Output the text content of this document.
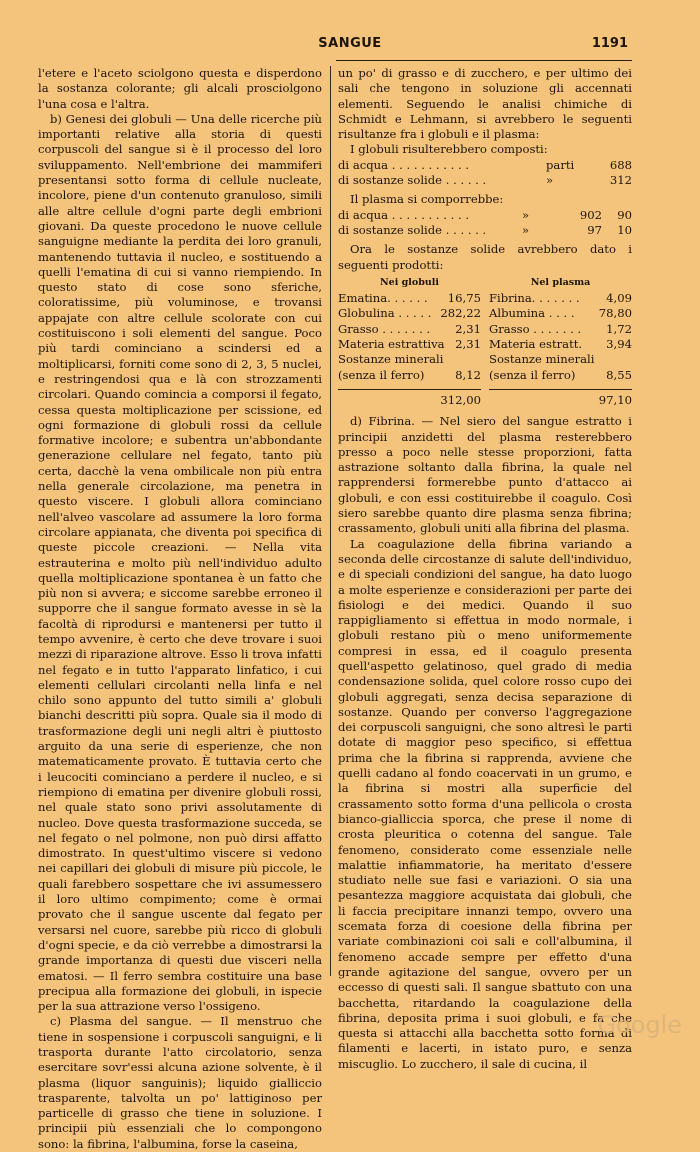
SANGUE	1191

l'etere e l'aceto sciolgono questa e disperdono la sostanza colorante; gli alcali prosciolgono l'una cosa e l'altra.

b) Genesi dei globuli — Una delle ricerche più importanti relative alla storia di questi corpuscoli del sangue si è il processo del loro sviluppamento. Nell'embrione dei mammiferi presentansi sotto forma di cellule nucleate, incolore, piene d'un contenuto granuloso, simili alle altre cellule d'ogni parte degli embrioni giovani. Da queste procedono le nuove cellule sanguigne mediante la perdita dei loro granuli, mantenendo tuttavia il nucleo, e sostituendo a quelli l'ematina di cui si vanno riempiendo. In questo stato di cose sono sferiche, coloratissime, più voluminose, e trovansi appajate con altre cellule scolorate con cui costituiscono i soli elementi del sangue. Poco più tardi cominciano a scindersi ed a moltiplicarsi, forniti come sono di 2, 3, 5 nuclei, e restringendosi qua e là con strozzamenti circolari. Quando comincia a comporsi il fegato, cessa questa moltiplicazione per scissione, ed ogni formazione di globuli rossi da cellule formative incolore; e subentra un'abbondante generazione cellulare nel fegato, tanto più certa, dacchè la vena ombilicale non più entra nella generale circolazione, ma penetra in questo viscere. I globuli allora cominciano nell'alveo vascolare ad assumere la loro forma circolare appianata, che diventa poi specifica di queste piccole creazioni. — Nella vita estrauterina e molto più nell'individuo adulto quella moltiplicazione spontanea è un fatto che più non si avvera; e siccome sarebbe erroneo il supporre che il sangue formato avesse in sè la facoltà di riprodursi e mantenersi per tutto il tempo avvenire, è certo che deve trovare i suoi mezzi di riparazione altrove. Esso li trova infatti nel fegato e in tutto l'apparato linfatico, i cui elementi cellulari circolanti nella linfa e nel chilo sono appunto del tutto simili a' globuli bianchi descritti più sopra. Quale sia il modo di trasformazione degli uni negli altri è piuttosto arguito da una serie di esperienze, che non matematicamente provato. È tuttavia certo che i leucociti cominciano a perdere il nucleo, e si riempiono di ematina per divenire globuli rossi, nel quale stato sono privi assolutamente di nucleo. Dove questa trasformazione succeda, se nel fegato o nel polmone, non può dirsi affatto dimostrato. In quest'ultimo viscere si vedono nei capillari dei globuli di misure più piccole, le quali farebbero sospettare che ivi assumessero il loro ultimo compimento; come è ormai provato che il sangue uscente dal fegato per versarsi nel cuore, sarebbe più ricco di globuli d'ogni specie, e da ciò verrebbe a dimostrarsi la grande importanza di questi due visceri nella ematosi. — Il ferro sembra costituire una base precipua alla formazione dei globuli, in ispecie per la sua attrazione verso l'ossigeno.

c) Plasma del sangue. — Il menstruo che tiene in sospensione i corpuscoli sanguigni, e li trasporta durante l'atto circolatorio, senza esercitare sovr'essi alcuna azione solvente, è il plasma (liquor sanguinis); liquido gialliccio trasparente, talvolta un po' lattiginoso per particelle di grasso che tiene in soluzione. I principii più essenziali che lo compongono sono: la fibrina, l'albumina, forse la caseina,

un po' di grasso e di zucchero, e per ultimo dei sali che tengono in soluzione gli accennati elementi. Seguendo le analisi chimiche di Schmidt e Lehmann, si avrebbero le seguenti risultanze fra i globuli e il plasma:

I globuli risulterebbero composti:

di acqua . . . . . . . . . . .	parti	688
di sostanze solide . . . . . .	»	312

Il plasma si comporrebbe:

di acqua . . . . . . . . . . .	»	902	90
di sostanze solide . . . . . .	»	97	10

Ora le sostanze solide avrebbero dato i seguenti prodotti:

Nei globuli
Ematina. . . . . . 16,75
Globulina . . . . . 282,22
Grasso . . . . . . . 2,31
Materia estrattiva 2,31
Sostanze minerali
(senza il ferro)	8,12
312,00
Nel plasma
Fibrina. . . . . . . 4,09
Albumina . . . . 78,80
Grasso . . . . . . . 1,72
Materia estratt. 3,94
Sostanze minerali
(senza il ferro)	8,55
97,10

d) Fibrina. — Nel siero del sangue estratto i principii anzidetti del plasma resterebbero presso a poco nelle stesse proporzioni, fatta astrazione soltanto dalla fibrina, la quale nel rapprendersi formerebbe punto d'attacco ai globuli, e con essi costituirebbe il coagulo. Così siero sarebbe quanto dire plasma senza fibrina; crassamento, globuli uniti alla fibrina del plasma.

La coagulazione della fibrina variando a seconda delle circostanze di salute dell'individuo, e di speciali condizioni del sangue, ha dato luogo a molte esperienze e considerazioni per parte dei fisiologi e dei medici. Quando il suo rappigliamento si effettua in modo normale, i globuli restano più o meno uniformemente compresi in essa, ed il coagulo presenta quell'aspetto gelatinoso, quel grado di media condensazione solida, quel colore rosso cupo dei globuli aggregati, senza decisa separazione di sostanze. Quando per converso l'aggregazione dei corpuscoli sanguigni, che sono altresì le parti dotate di maggior peso specifico, si effettua prima che la fibrina si rapprenda, avviene che quelli cadano al fondo coacervati in un grumo, e la fibrina si mostri alla superficie del crassamento sotto forma d'una pellicola o crosta bianco-gialliccia sporca, che prese il nome di crosta pleuritica o cotenna del sangue. Tale fenomeno, considerato come essenziale nelle malattie infiammatorie, ha meritato d'essere studiato nelle sue fasi e variazioni. O sia una pesantezza maggiore acquistata dai globuli, che li faccia precipitare innanzi tempo, ovvero una scemata forza di coesione della fibrina per variate combinazioni coi sali e coll'albumina, il fenomeno accade sempre per effetto d'una grande agitazione del sangue, ovvero per un eccesso di questi sali. Il sangue sbattuto con una bacchetta, ritardando la coagulazione della fibrina, deposita prima i suoi globuli, e fa che questa si attacchi alla bacchetta sotto forma di filamenti e lacerti, in istato puro, e senza miscuglio. Lo zucchero, il sale di cucina, il

Google
